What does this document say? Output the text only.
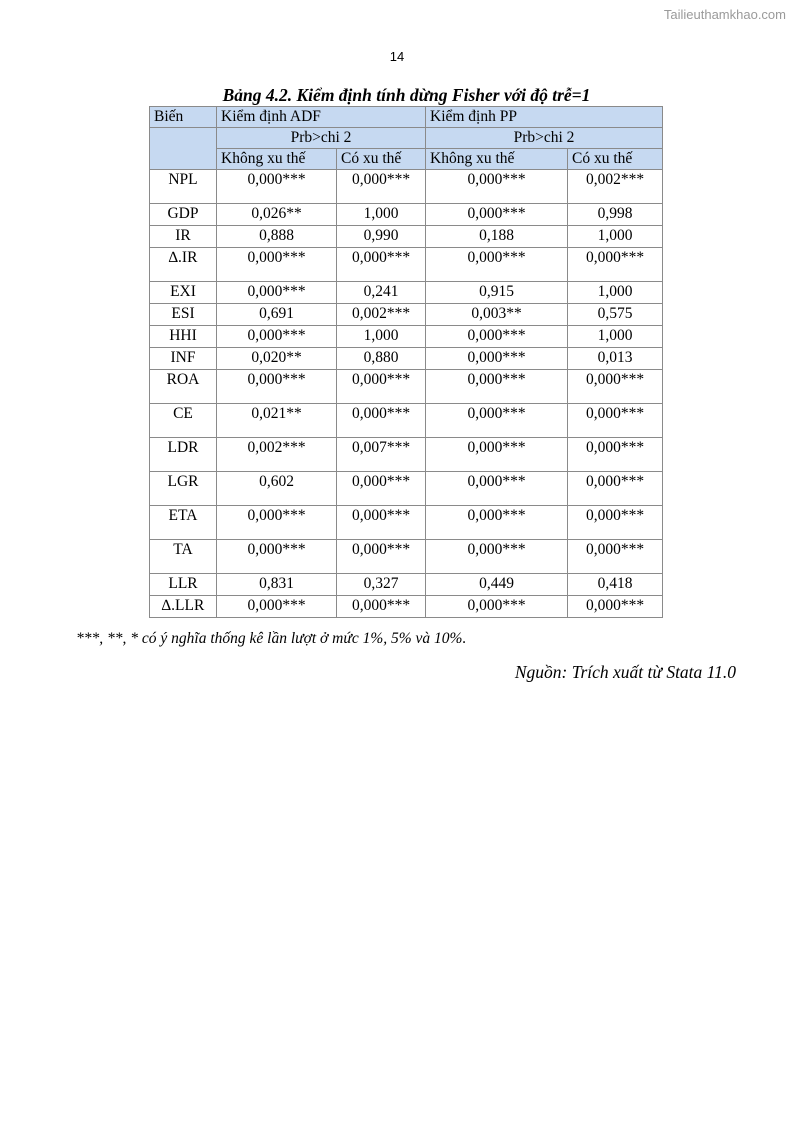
Tailieuthamkhao.com
14
Bảng 4.2. Kiểm định tính dừng Fisher với độ trễ=1
Biến	Kiểm định ADF		Kiểm định PP	
	Prb>chi 2		Prb>chi 2	
	Không xu thế	Có xu thế	Không xu thế	Có xu thế
NPL	0,000***	0,000***	0,000***	0,002***
GDP	0,026**	1,000	0,000***	0,998
IR	0,888	0,990	0,188	1,000
∆.IR	0,000***	0,000***	0,000***	0,000***
EXI	0,000***	0,241	0,915	1,000
ESI	0,691	0,002***	0,003**	0,575
HHI	0,000***	1,000	0,000***	1,000
INF	0,020**	0,880	0,000***	0,013
ROA	0,000***	0,000***	0,000***	0,000***
CE	0,021**	0,000***	0,000***	0,000***
LDR	0,002***	0,007***	0,000***	0,000***
LGR	0,602	0,000***	0,000***	0,000***
ETA	0,000***	0,000***	0,000***	0,000***
TA	0,000***	0,000***	0,000***	0,000***
LLR	0,831	0,327	0,449	0,418
∆.LLR	0,000***	0,000***	0,000***	0,000***
***, **, * có ý nghĩa thống kê lần lượt ở mức 1%, 5% và 10%.
Nguồn: Trích xuất từ Stata 11.0
